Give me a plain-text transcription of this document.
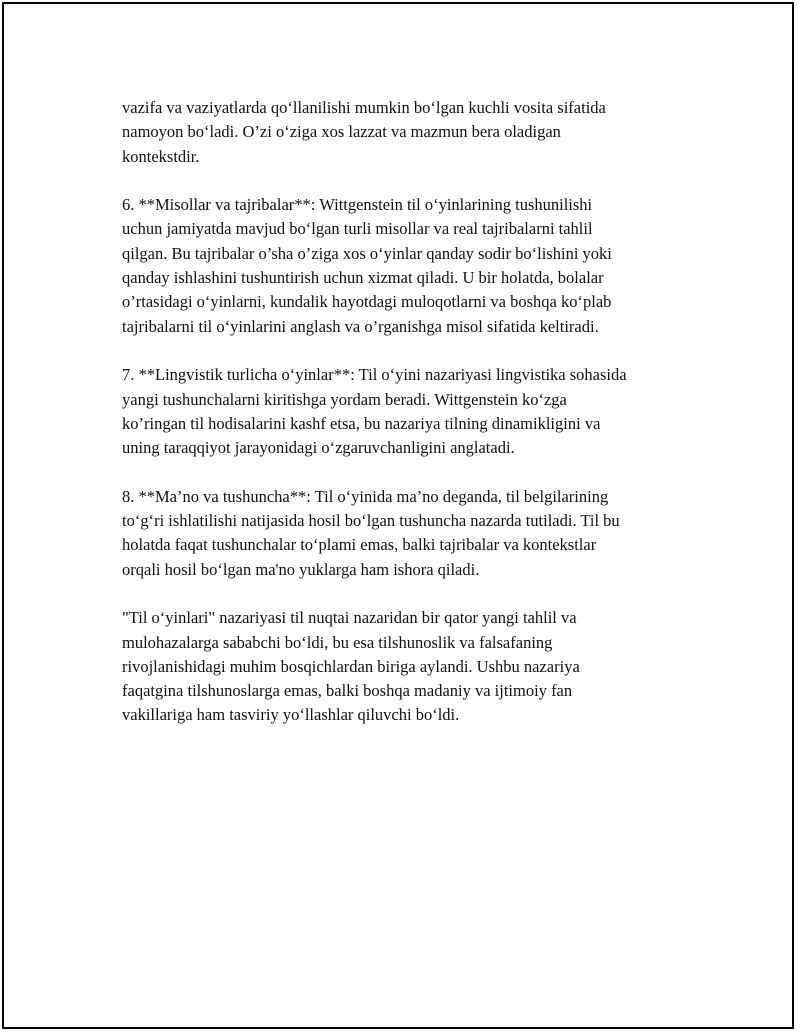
vazifa va vaziyatlarda qo‘llanilishi mumkin bo‘lgan kuchli vosita sifatida
namoyon bo‘ladi. O’zi o‘ziga xos lazzat va mazmun bera oladigan
kontekstdir.

6. **Misollar va tajribalar**: Wittgenstein til o‘yinlarining tushunilishi
uchun jamiyatda mavjud bo‘lgan turli misollar va real tajribalarni tahlil
qilgan. Bu tajribalar o’sha o’ziga xos o‘yinlar qanday sodir bo‘lishini yoki
qanday ishlashini tushuntirish uchun xizmat qiladi. U bir holatda, bolalar
o’rtasidagi o‘yinlarni, kundalik hayotdagi muloqotlarni va boshqa ko‘plab
tajribalarni til o‘yinlarini anglash va o’rganishga misol sifatida keltiradi.

7. **Lingvistik turlicha o‘yinlar**: Til o‘yini nazariyasi lingvistika sohasida
yangi tushunchalarni kiritishga yordam beradi. Wittgenstein ko‘zga
ko’ringan til hodisalarini kashf etsa, bu nazariya tilning dinamikligini va
uning taraqqiyot jarayonidagi o‘zgaruvchanligini anglatadi.

8. **Ma’no va tushuncha**: Til o‘yinida ma’no deganda, til belgilarining
to‘g‘ri ishlatilishi natijasida hosil bo‘lgan tushuncha nazarda tutiladi. Til bu
holatda faqat tushunchalar to‘plami emas, balki tajribalar va kontekstlar
orqali hosil bo‘lgan ma'no yuklarga ham ishora qiladi.

"Til o‘yinlari" nazariyasi til nuqtai nazaridan bir qator yangi tahlil va
mulohazalarga sababchi bo‘ldi, bu esa tilshunoslik va falsafaning
rivojlanishidagi muhim bosqichlardan biriga aylandi. Ushbu nazariya
faqatgina tilshunoslarga emas, balki boshqa madaniy va ijtimoiy fan
vakillariga ham tasviriy yo‘llashlar qiluvchi bo‘ldi.
